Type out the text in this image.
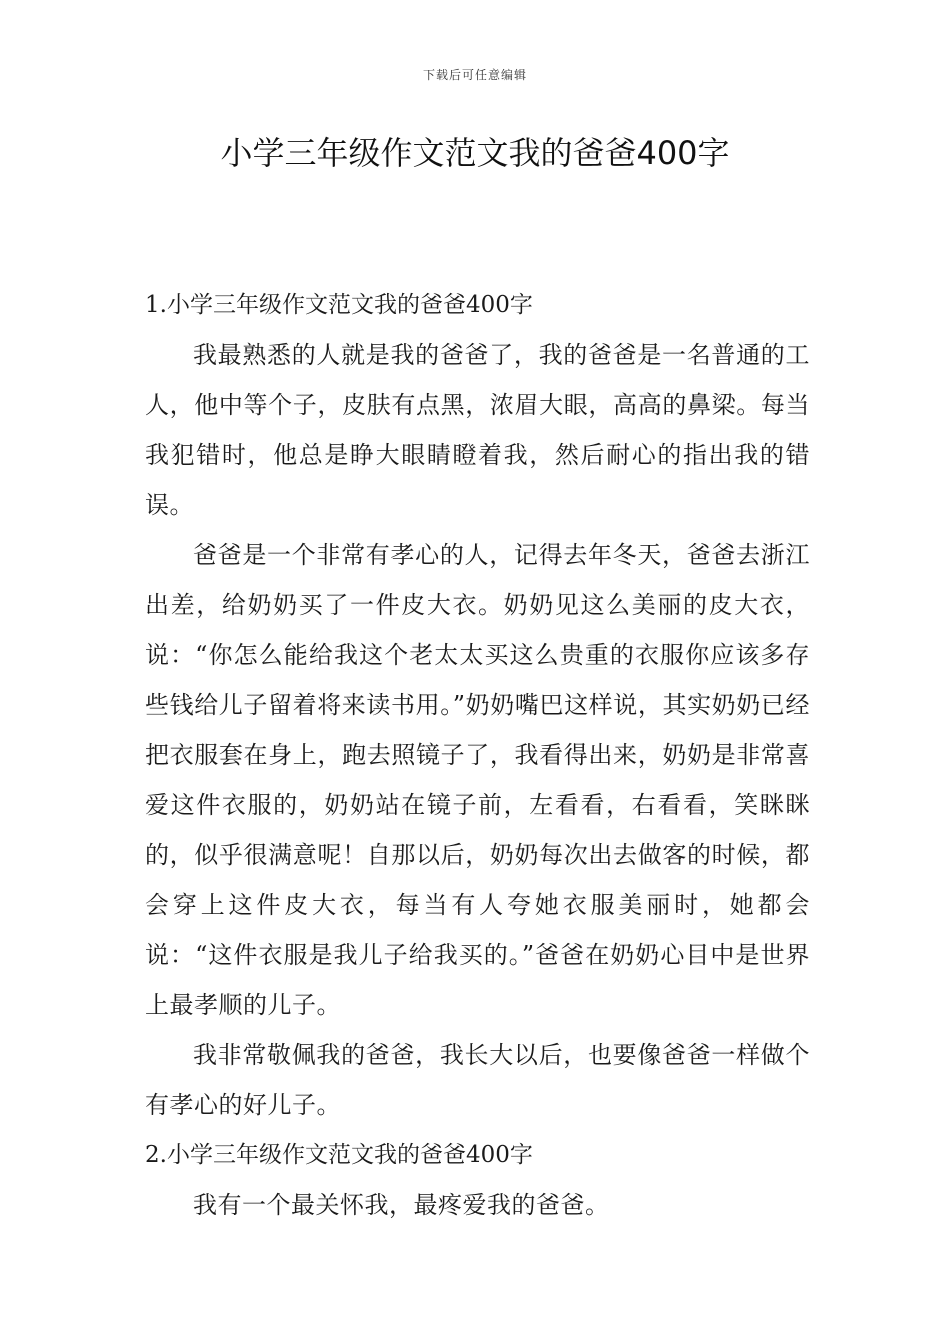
下载后可任意编辑
小学三年级作文范文我的爸爸400字
1.小学三年级作文范文我的爸爸400字

我最熟悉的人就是我的爸爸了，我的爸爸是一名普通的工人，他中等个子，皮肤有点黑，浓眉大眼，高高的鼻梁。每当我犯错时，他总是睁大眼睛瞪着我，然后耐心的指出我的错误。

爸爸是一个非常有孝心的人，记得去年冬天，爸爸去浙江出差，给奶奶买了一件皮大衣。奶奶见这么美丽的皮大衣，说：“你怎么能给我这个老太太买这么贵重的衣服你应该多存些钱给儿子留着将来读书用。”奶奶嘴巴这样说，其实奶奶已经把衣服套在身上，跑去照镜子了，我看得出来，奶奶是非常喜爱这件衣服的，奶奶站在镜子前，左看看，右看看，笑眯眯的，似乎很满意呢！自那以后，奶奶每次出去做客的时候，都会穿上这件皮大衣，每当有人夸她衣服美丽时，她都会说：“这件衣服是我儿子给我买的。”爸爸在奶奶心目中是世界上最孝顺的儿子。

我非常敬佩我的爸爸，我长大以后，也要像爸爸一样做个有孝心的好儿子。

2.小学三年级作文范文我的爸爸400字

我有一个最关怀我，最疼爱我的爸爸。
